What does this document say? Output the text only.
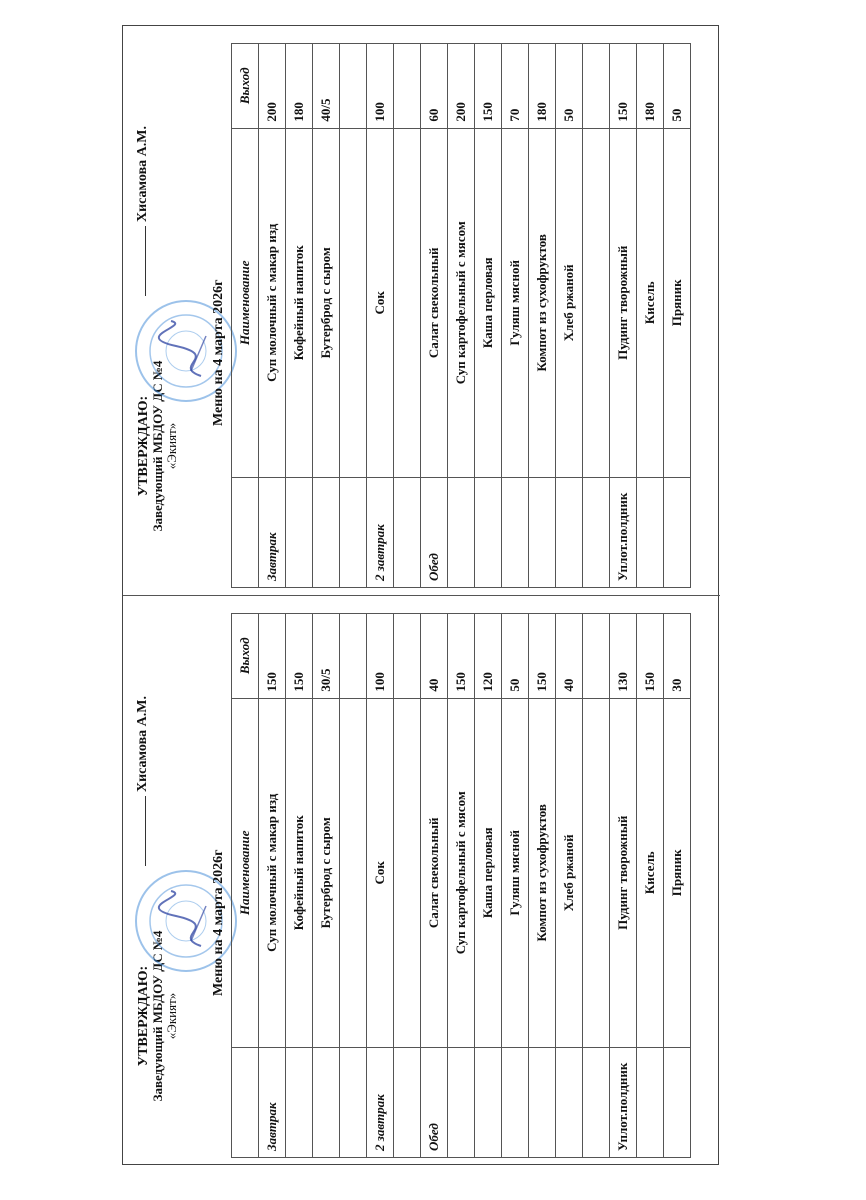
УТВЕРЖДАЮ: Заведующий МБДОУ ДС №4 «Экият»
Хисамова А.М.
Меню на 4 марта 2026г
	Наименование	Выход
Завтрак	Суп молочный с макар изд	150
	Кофейный напиток	150
	Бутерброд с сыром	30/5

2 завтрак	Сок	100

Обед	Салат свекольный	40
	Суп картофельный с мясом	150
	Каша перловая	120
	Гуляш мясной	50
	Компот из сухофруктов	150
	Хлеб ржаной	40

Уплот.полдник	Пудинг творожный	130
	Кисель	150
	Пряник	30
УТВЕРЖДАЮ: Заведующий МБДОУ ДС №4 «Экият»
Хисамова А.М.
Меню на 4 марта 2026г
	Наименование	Выход
Завтрак	Суп молочный с макар изд	200
	Кофейный напиток	180
	Бутерброд с сыром	40/5

2 завтрак	Сок	100

Обед	Салат свекольный	60
	Суп картофельный с мясом	200
	Каша перловая	150
	Гуляш мясной	70
	Компот из сухофруктов	180
	Хлеб ржаной	50

Уплот.полдник	Пудинг творожный	150
	Кисель	180
	Пряник	50
